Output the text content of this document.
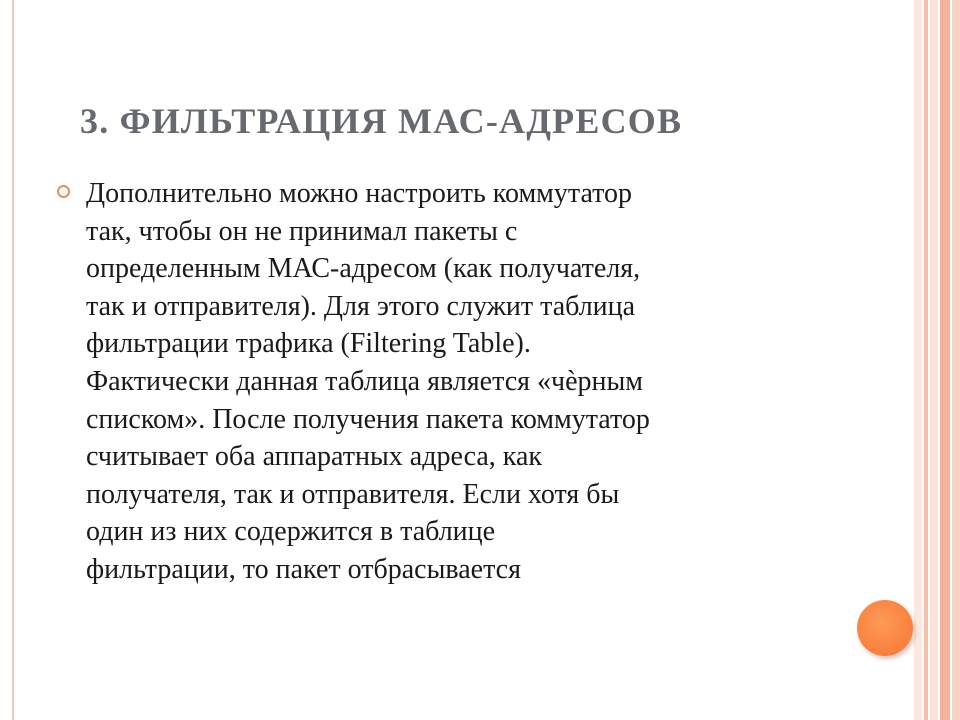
3. ФИЛЬТРАЦИЯ МАС-АДРЕСОВ

Дополнительно можно настроить коммутатор
так, чтобы он не принимал пакеты с
определенным МАС-адресом (как получателя,
так и отправителя). Для этого служит таблица
фильтрации трафика (Filtering Table).
Фактически данная таблица является «чѐрным
списком». После получения пакета коммутатор
считывает оба аппаратных адреса, как
получателя, так и отправителя. Если хотя бы
один из них содержится в таблице
фильтрации, то пакет отбрасывается
